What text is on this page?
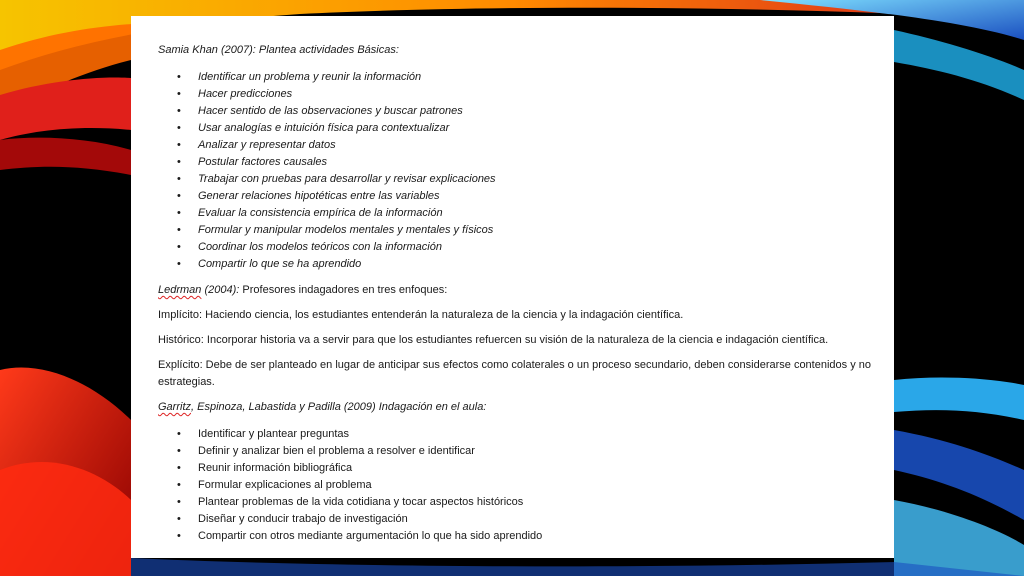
Samia Khan (2007): Plantea actividades Básicas:
• Identificar un problema y reunir la información
• Hacer predicciones
• Hacer sentido de las observaciones y buscar patrones
• Usar analogías e intuición física para contextualizar
• Analizar y representar datos
• Postular factores causales
• Trabajar con pruebas para desarrollar y revisar explicaciones
• Generar relaciones hipotéticas entre las variables
• Evaluar la consistencia empírica de la información
• Formular y manipular modelos mentales y mentales y físicos
• Coordinar los modelos teóricos con la información
• Compartir lo que se ha aprendido
Ledrman (2004): Profesores indagadores en tres enfoques:
Implícito: Haciendo ciencia, los estudiantes entenderán la naturaleza de la ciencia y la indagación científica.
Histórico: Incorporar historia va a servir para que los estudiantes refuercen su visión de la naturaleza de la ciencia e indagación científica.
Explícito: Debe de ser planteado en lugar de anticipar sus efectos como colaterales o un proceso secundario, deben considerarse contenidos y no estrategias.
Garritz, Espinoza, Labastida y Padilla (2009) Indagación en el aula:
• Identificar y plantear preguntas
• Definir y analizar bien el problema a resolver e identificar
• Reunir información bibliográfica
• Formular explicaciones al problema
• Plantear problemas de la vida cotidiana y tocar aspectos históricos
• Diseñar y conducir trabajo de investigación
• Compartir con otros mediante argumentación lo que ha sido aprendido
